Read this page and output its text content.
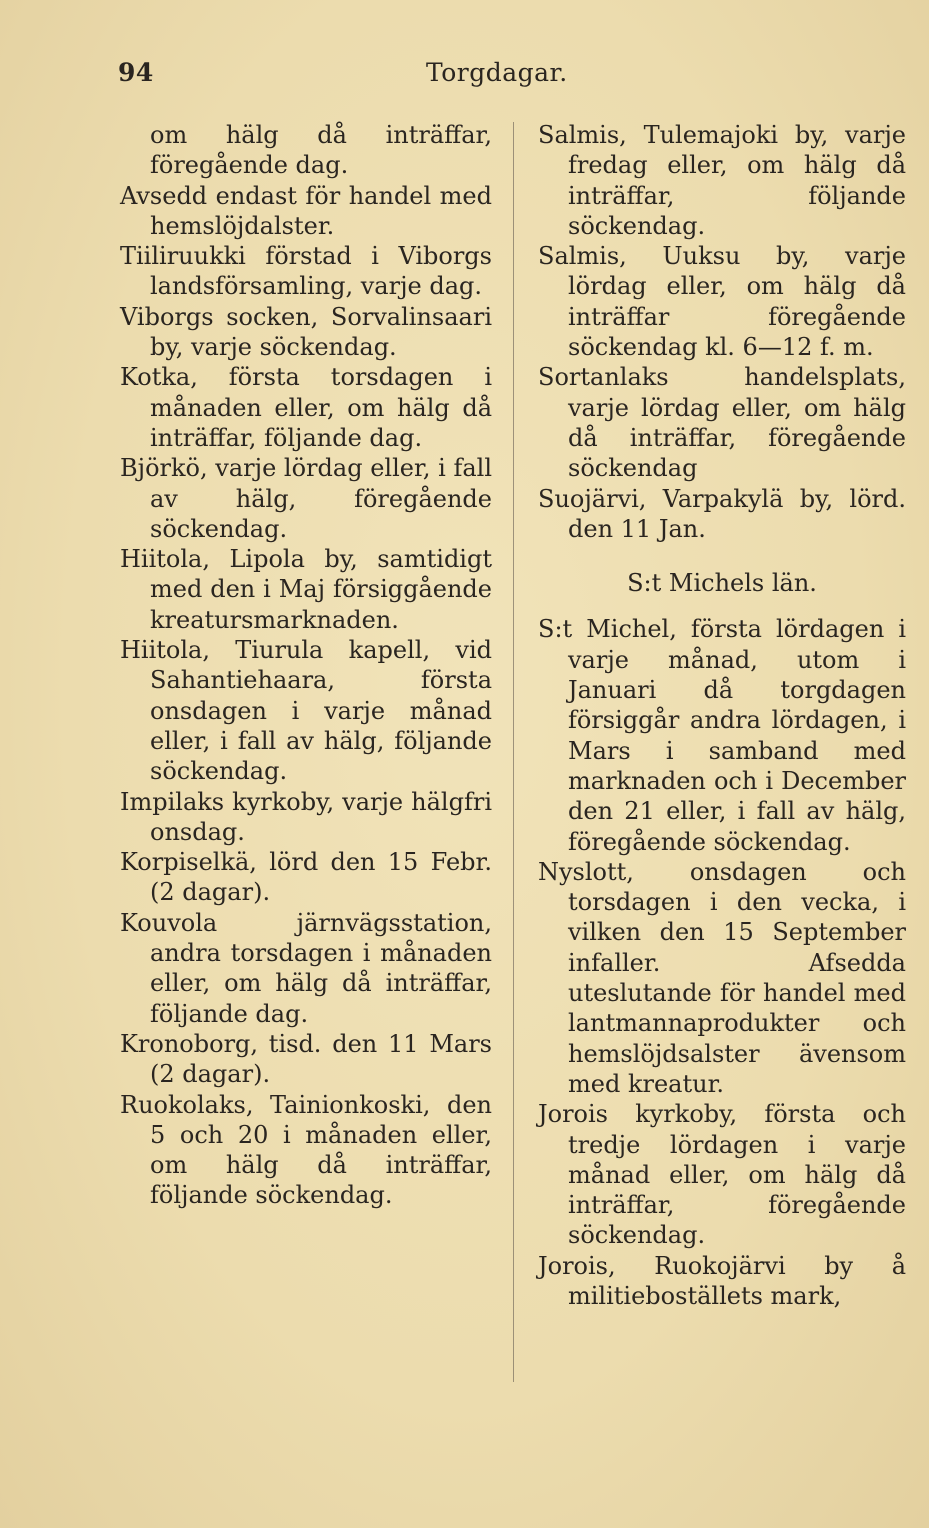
94	Torgdagar.

om hälg då inträffar, föregående dag.

Avsedd endast för handel med hemslöjdalster.

Tiiliruukki förstad i Viborgs landsförsamling, varje dag.

Viborgs socken, Sorvalinsaari by, varje söckendag.

Kotka, första torsdagen i månaden eller, om hälg då inträffar, följande dag.

Björkö, varje lördag eller, i fall av hälg, föregående söckendag.

Hiitola, Lipola by, samtidigt med den i Maj försiggående kreatursmarknaden.

Hiitola, Tiurula kapell, vid Sahantiehaara, första onsdagen i varje månad eller, i fall av hälg, följande söckendag.

Impilaks kyrkoby, varje hälgfri onsdag.

Korpiselkä, lörd den 15 Febr. (2 dagar).

Kouvola järnvägsstation, andra torsdagen i månaden eller, om hälg då inträffar, följande dag.

Kronoborg, tisd. den 11 Mars (2 dagar).

Ruokolaks, Tainionkoski, den 5 och 20 i månaden eller, om hälg då inträffar, följande söckendag.

Salmis, Tulemajoki by, varje fredag eller, om hälg då inträffar, följande söckendag.

Salmis, Uuksu by, varje lördag eller, om hälg då inträffar föregående söckendag kl. 6—12 f. m.

Sortanlaks handelsplats, varje lördag eller, om hälg då inträffar, föregående söckendag

Suojärvi, Varpakylä by, lörd. den 11 Jan.

S:t Michels län.

S:t Michel, första lördagen i varje månad, utom i Januari då torgdagen försiggår andra lördagen, i Mars i samband med marknaden och i December den 21 eller, i fall av hälg, föregående söckendag.

Nyslott, onsdagen och torsdagen i den vecka, i vilken den 15 September infaller. Afsedda uteslutande för handel med lantmannaprodukter och hemslöjdsalster ävensom med kreatur.

Jorois kyrkoby, första och tredje lördagen i varje månad eller, om hälg då inträffar, föregående söckendag.

Jorois, Ruokojärvi by å militieboställets mark,
